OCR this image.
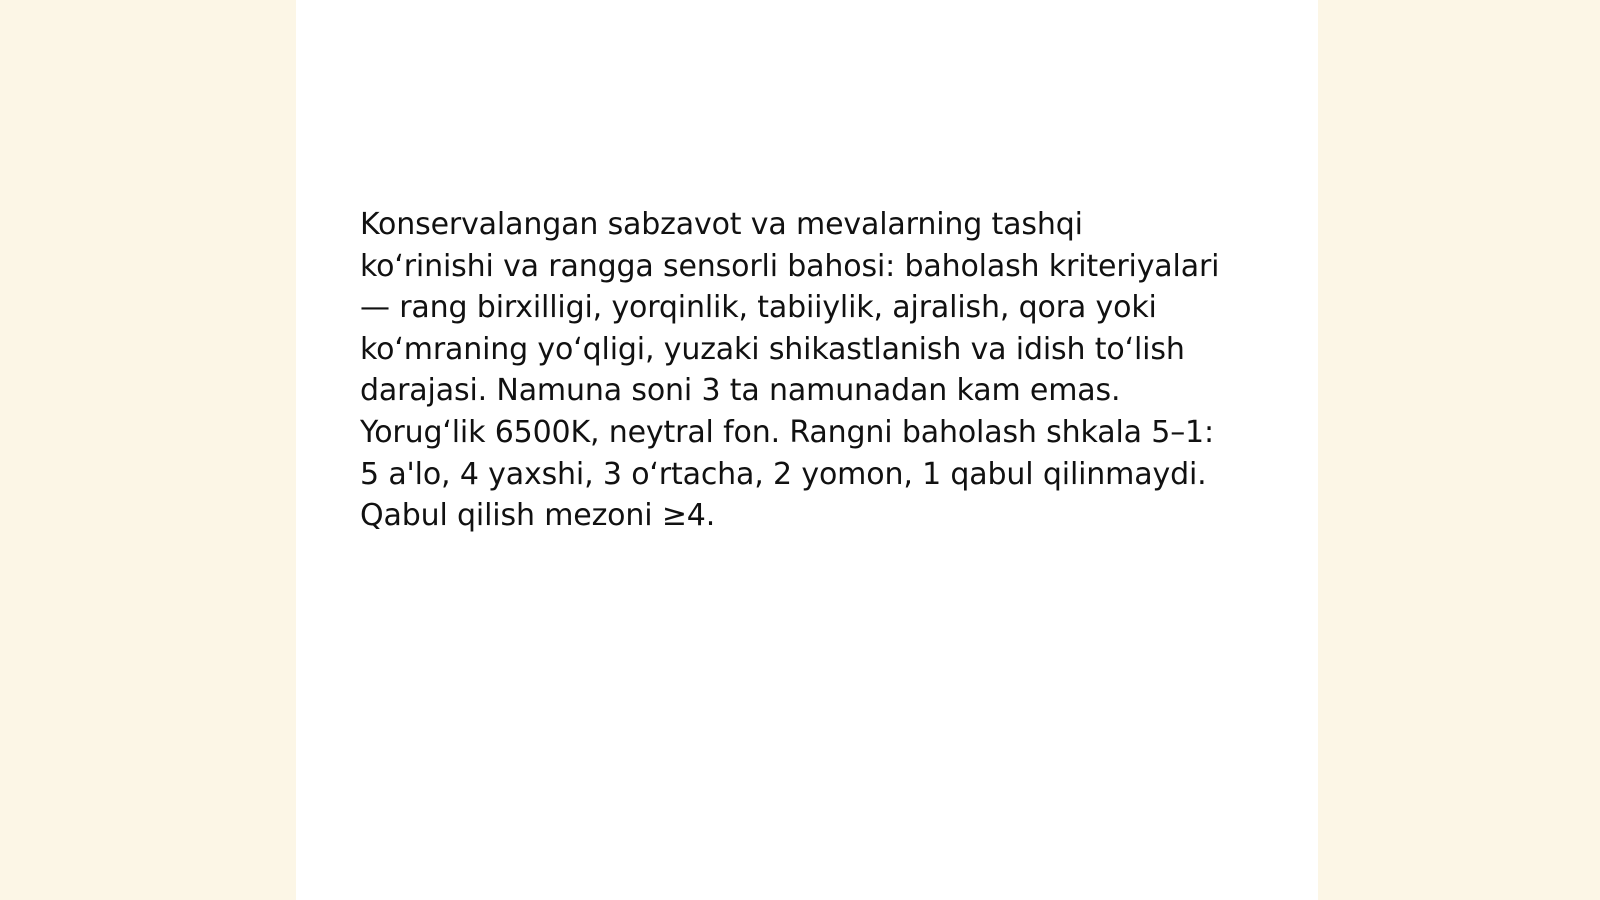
Konservalangan sabzavot va mevalarning tashqi koʻrinishi va rangga sensorli bahosi: baholash kriteriyalari — rang birxilligi, yorqinlik, tabiiylik, ajralish, qora yoki koʻmraning yoʻqligi, yuzaki shikastlanish va idish toʻlish darajasi. Namuna soni 3 ta namunadan kam emas. Yorugʻlik 6500K, neytral fon. Rangni baholash shkala 5–1: 5 a'lo, 4 yaxshi, 3 oʻrtacha, 2 yomon, 1 qabul qilinmaydi. Qabul qilish mezoni ≥4.
